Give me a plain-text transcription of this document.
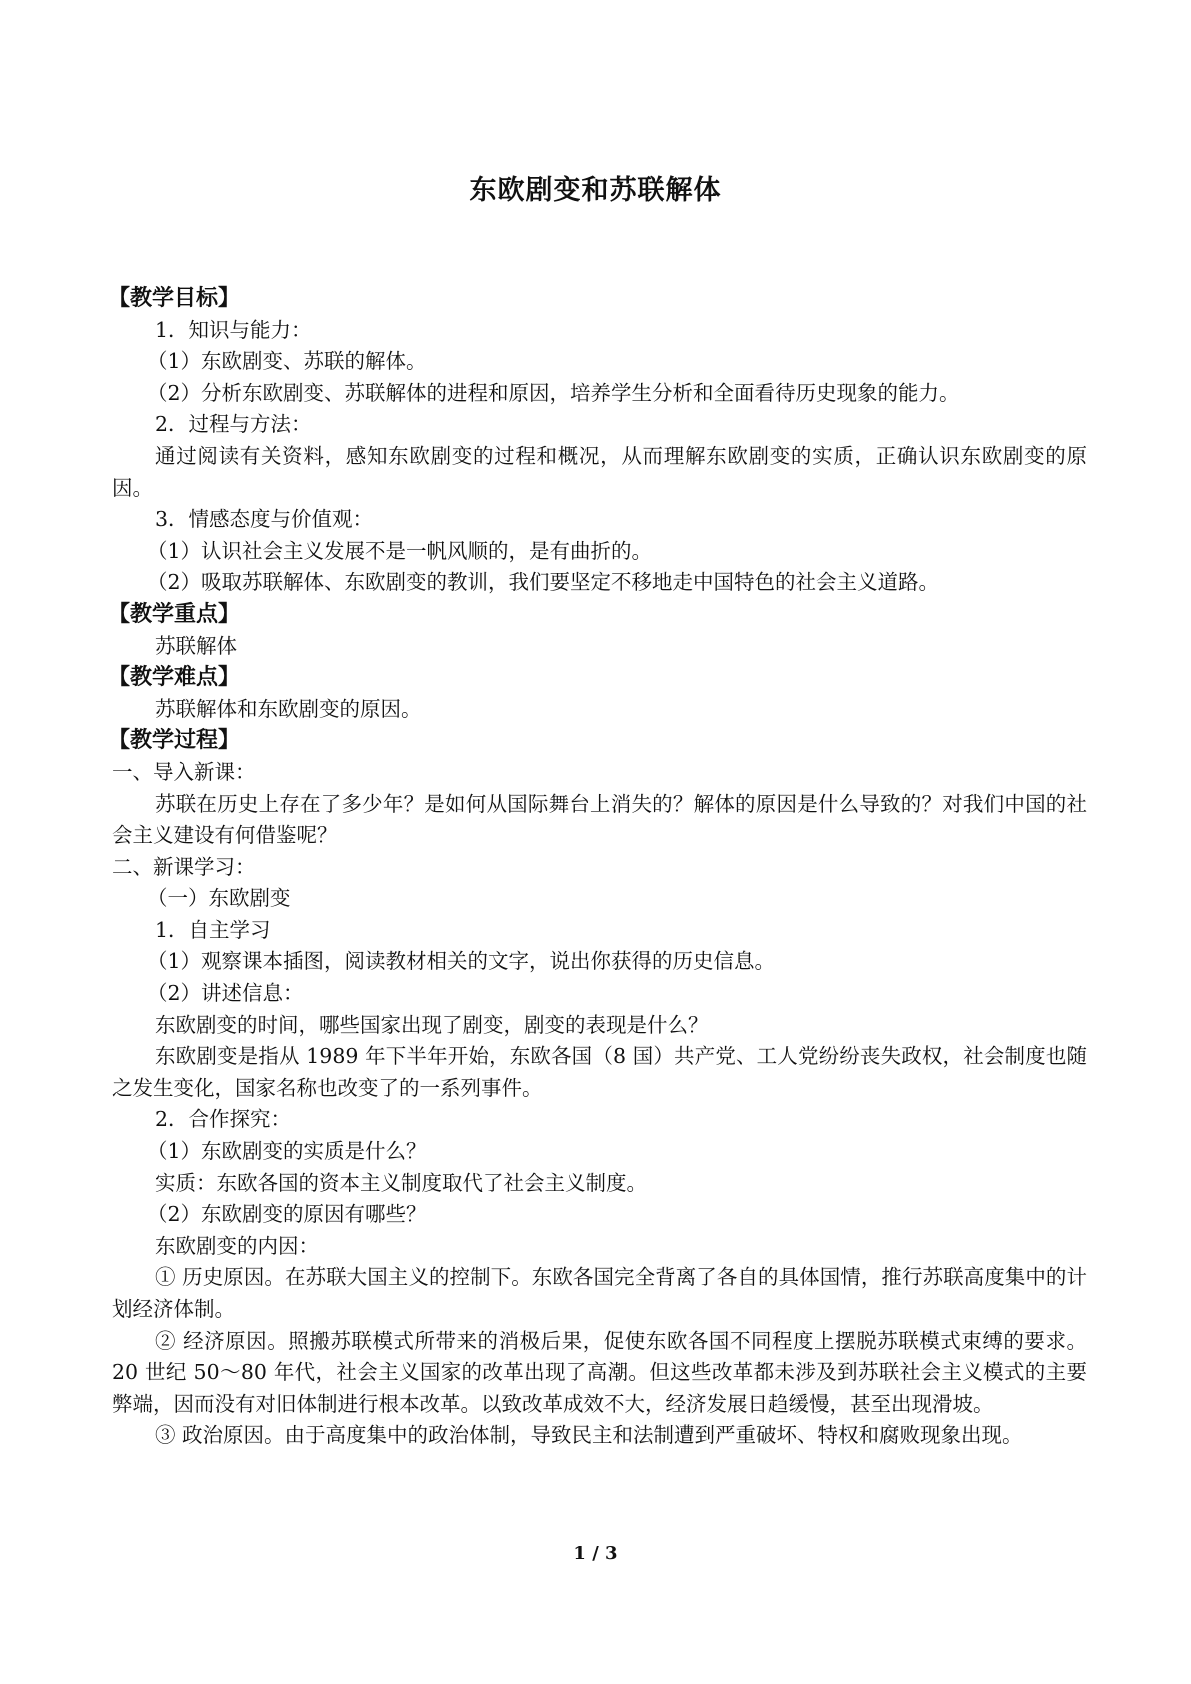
东欧剧变和苏联解体
【教学目标】
1．知识与能力：
（1）东欧剧变、苏联的解体。
（2）分析东欧剧变、苏联解体的进程和原因，培养学生分析和全面看待历史现象的能力。
2．过程与方法：
通过阅读有关资料，感知东欧剧变的过程和概况，从而理解东欧剧变的实质，正确认识东欧剧变的原因。
3．情感态度与价值观：
（1）认识社会主义发展不是一帆风顺的，是有曲折的。
（2）吸取苏联解体、东欧剧变的教训，我们要坚定不移地走中国特色的社会主义道路。
【教学重点】
苏联解体
【教学难点】
苏联解体和东欧剧变的原因。
【教学过程】
一、导入新课：
苏联在历史上存在了多少年？是如何从国际舞台上消失的？解体的原因是什么导致的？对我们中国的社会主义建设有何借鉴呢？
二、新课学习：
（一）东欧剧变
1．自主学习
（1）观察课本插图，阅读教材相关的文字，说出你获得的历史信息。
（2）讲述信息：
东欧剧变的时间，哪些国家出现了剧变，剧变的表现是什么？
东欧剧变是指从 1989 年下半年开始，东欧各国（8 国）共产党、工人党纷纷丧失政权，社会制度也随之发生变化，国家名称也改变了的一系列事件。
2．合作探究：
（1）东欧剧变的实质是什么？
实质：东欧各国的资本主义制度取代了社会主义制度。
（2）东欧剧变的原因有哪些？
东欧剧变的内因：
① 历史原因。在苏联大国主义的控制下。东欧各国完全背离了各自的具体国情，推行苏联高度集中的计划经济体制。
② 经济原因。照搬苏联模式所带来的消极后果，促使东欧各国不同程度上摆脱苏联模式束缚的要求。20 世纪 50～80 年代，社会主义国家的改革出现了高潮。但这些改革都未涉及到苏联社会主义模式的主要弊端，因而没有对旧体制进行根本改革。以致改革成效不大，经济发展日趋缓慢，甚至出现滑坡。
③ 政治原因。由于高度集中的政治体制，导致民主和法制遭到严重破坏、特权和腐败现象出现。
1 / 3
